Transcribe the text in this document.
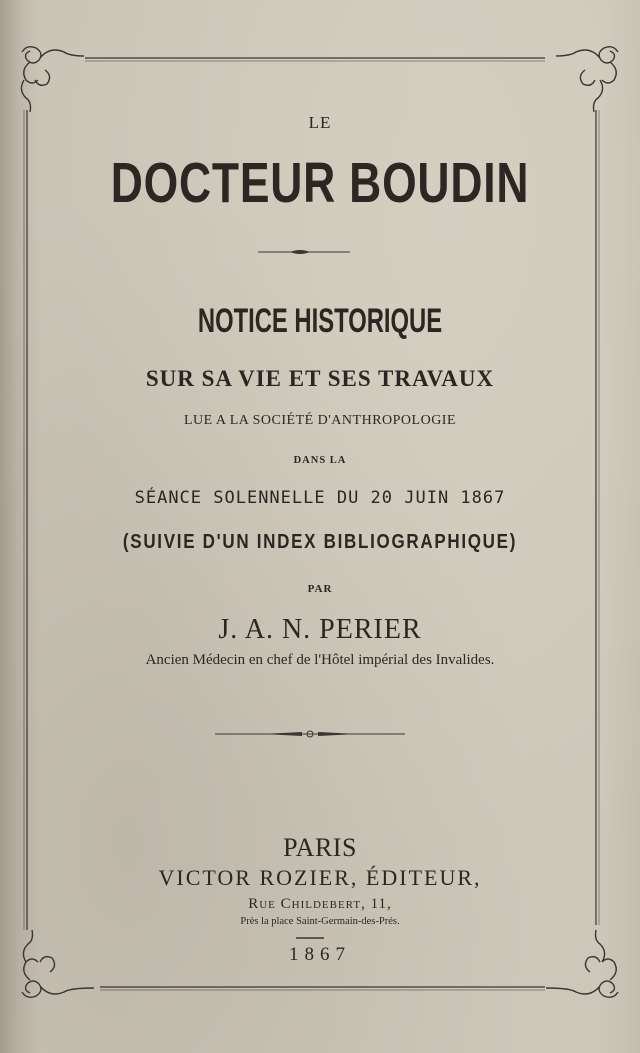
LE
DOCTEUR BOUDIN
NOTICE HISTORIQUE
SUR SA VIE ET SES TRAVAUX
LUE A LA SOCIÉTÉ D'ANTHROPOLOGIE
DANS LA
SÉANCE SOLENNELLE DU 20 JUIN 1867
(SUIVIE D'UN INDEX BIBLIOGRAPHIQUE)
PAR
J. A. N. PERIER
Ancien Médecin en chef de l'Hôtel impérial des Invalides.
PARIS
VICTOR ROZIER, ÉDITEUR,
Rue Childebert, 11,
Près la place Saint-Germain-des-Prés.
1867
